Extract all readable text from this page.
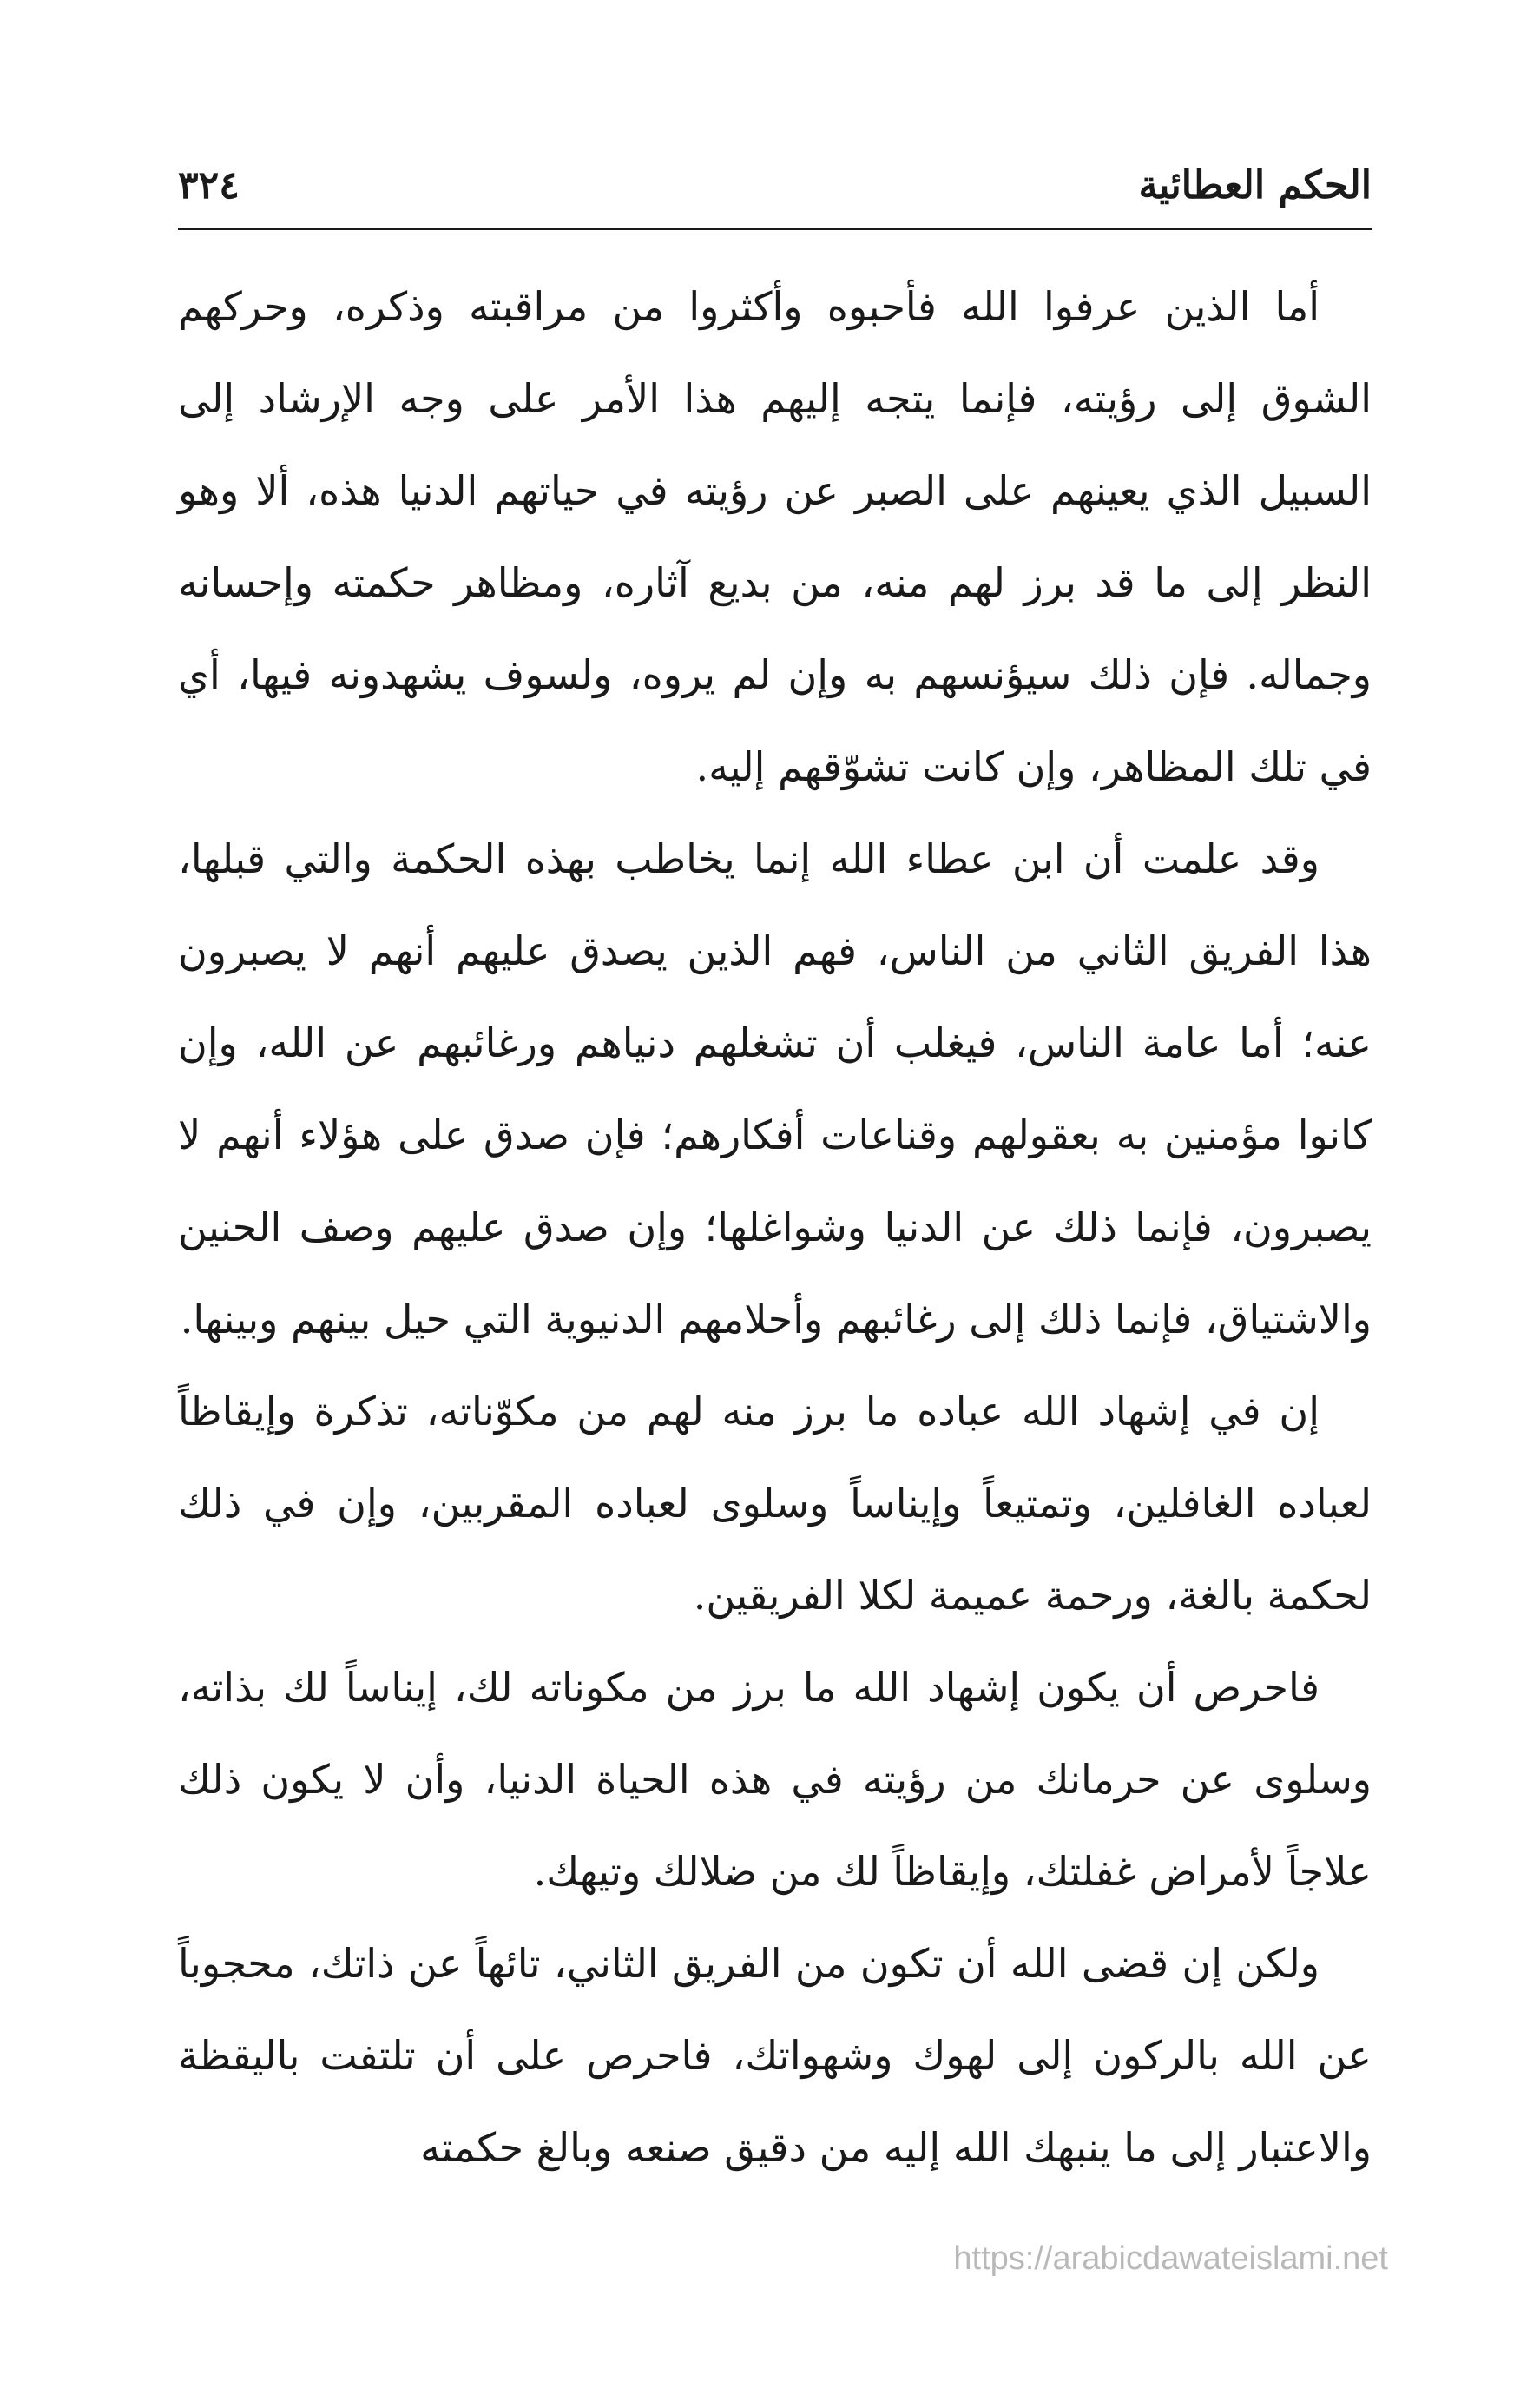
الحكم العطائية
٣٢٤

أما الذين عرفوا الله فأحبوه وأكثروا من مراقبته وذكره، وحركهم الشوق إلى رؤيته، فإنما يتجه إليهم هذا الأمر على وجه الإرشاد إلى السبيل الذي يعينهم على الصبر عن رؤيته في حياتهم الدنيا هذه، ألا وهو النظر إلى ما قد برز لهم منه، من بديع آثاره، ومظاهر حكمته وإحسانه وجماله. فإن ذلك سيؤنسهم به وإن لم يروه، ولسوف يشهدونه فيها، أي في تلك المظاهر، وإن كانت تشوّقهم إليه.

وقد علمت أن ابن عطاء الله إنما يخاطب بهذه الحكمة والتي قبلها، هذا الفريق الثاني من الناس، فهم الذين يصدق عليهم أنهم لا يصبرون عنه؛ أما عامة الناس، فيغلب أن تشغلهم دنياهم ورغائبهم عن الله، وإن كانوا مؤمنين به بعقولهم وقناعات أفكارهم؛ فإن صدق على هؤلاء أنهم لا يصبرون، فإنما ذلك عن الدنيا وشواغلها؛ وإن صدق عليهم وصف الحنين والاشتياق، فإنما ذلك إلى رغائبهم وأحلامهم الدنيوية التي حيل بينهم وبينها.

إن في إشهاد الله عباده ما برز منه لهم من مكوّناته، تذكرة وإيقاظاً لعباده الغافلين، وتمتيعاً وإيناساً وسلوى لعباده المقربين، وإن في ذلك لحكمة بالغة، ورحمة عميمة لكلا الفريقين.

فاحرص أن يكون إشهاد الله ما برز من مكوناته لك، إيناساً لك بذاته، وسلوى عن حرمانك من رؤيته في هذه الحياة الدنيا، وأن لا يكون ذلك علاجاً لأمراض غفلتك، وإيقاظاً لك من ضلالك وتيهك.

ولكن إن قضى الله أن تكون من الفريق الثاني، تائهاً عن ذاتك، محجوباً عن الله بالركون إلى لهوك وشهواتك، فاحرص على أن تلتفت باليقظة والاعتبار إلى ما ينبهك الله إليه من دقيق صنعه وبالغ حكمته

https://arabicdawateislami.net
